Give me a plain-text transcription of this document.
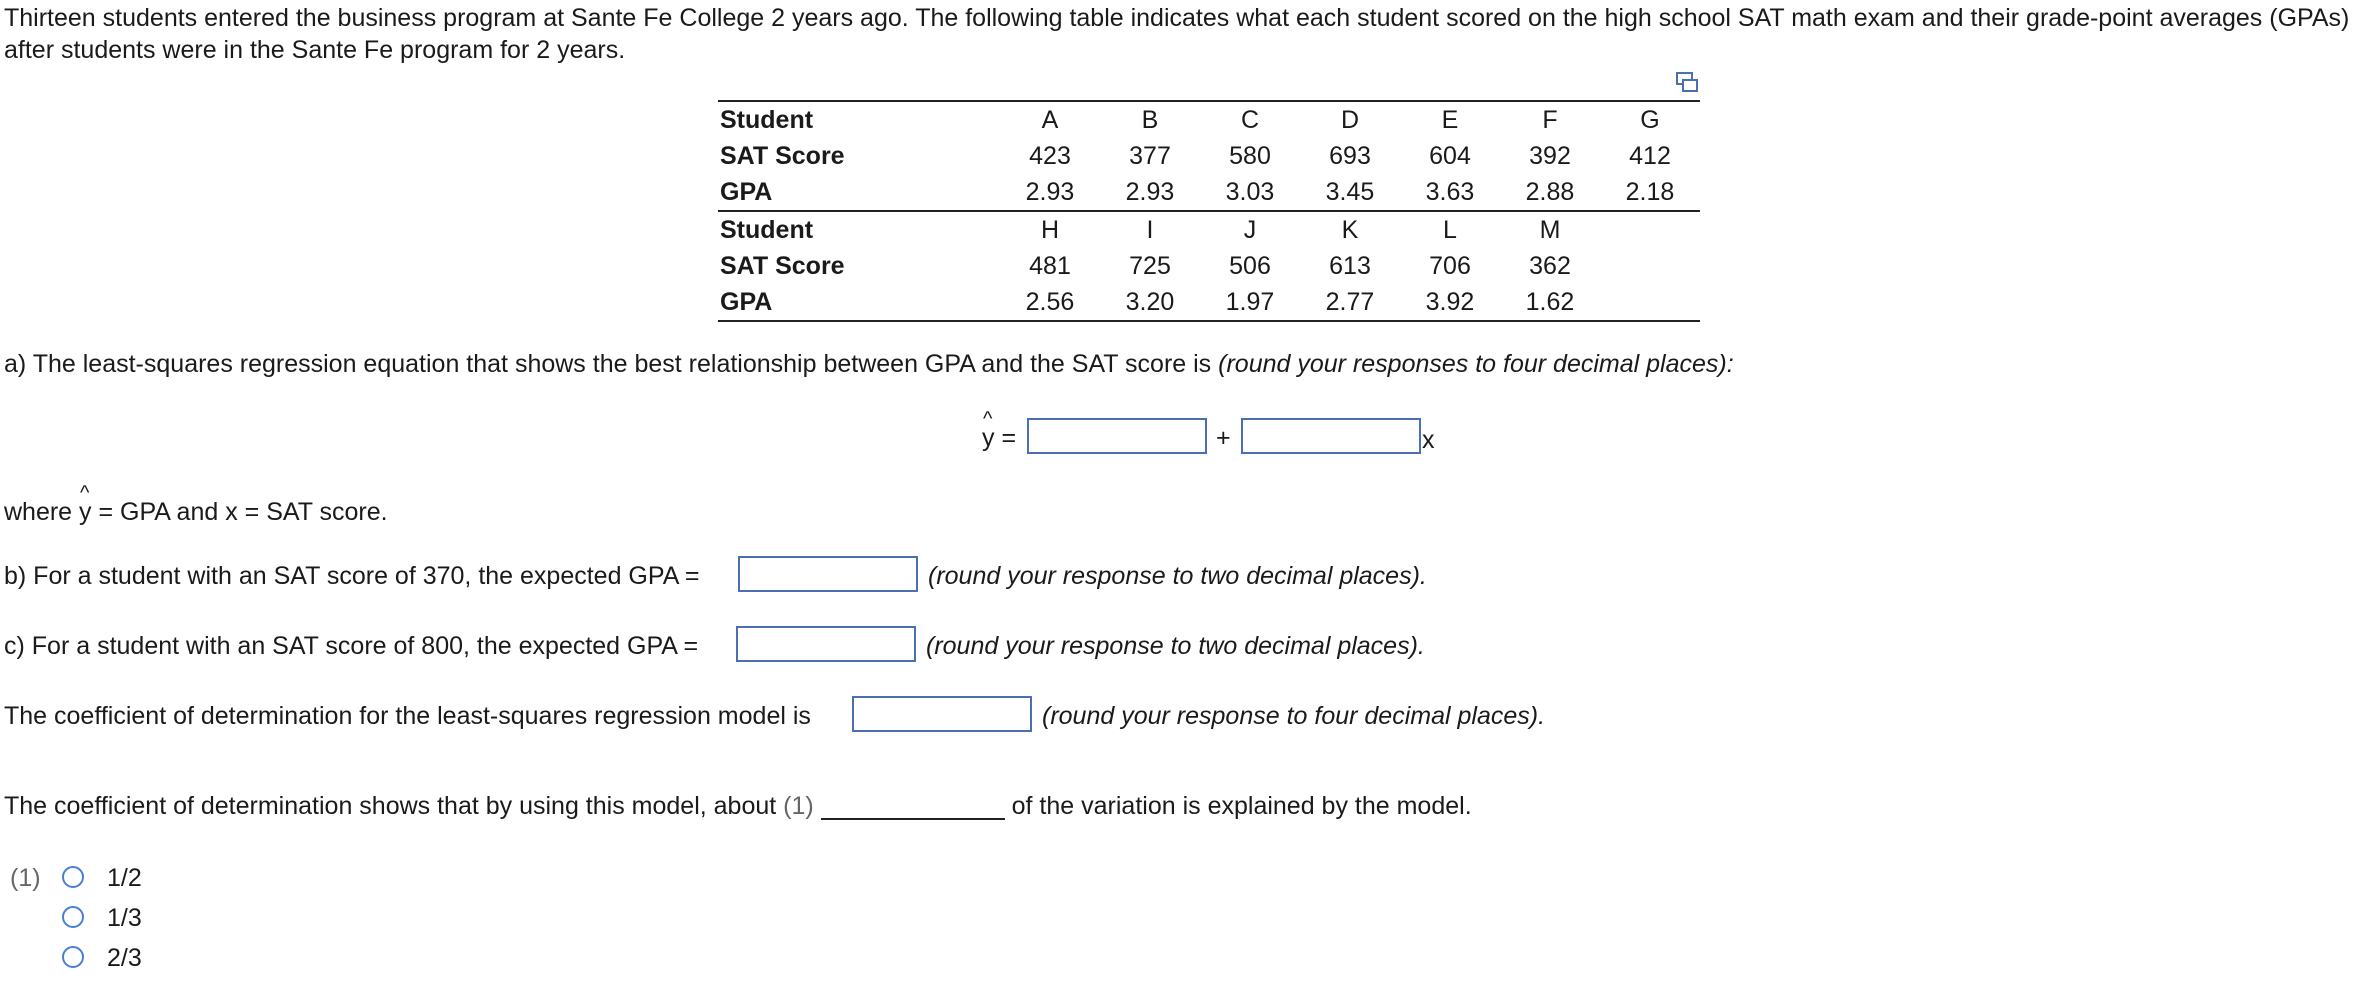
Thirteen students entered the business program at Sante Fe College 2 years ago. The following table indicates what each student scored on the high school SAT math exam and their grade-point averages (GPAs) after students were in the Sante Fe program for 2 years.

Student	A	B	C	D	E	F	G
SAT Score	423	377	580	693	604	392	412
GPA	2.93	2.93	3.03	3.45	3.63	2.88	2.18
Student	H	I	J	K	L	M	
SAT Score	481	725	506	613	706	362	
GPA	2.56	3.20	1.97	2.77	3.92	1.62	
a) The least-squares regression equation that shows the best relationship between GPA and the SAT score is (round your responses to four decimal places):
^
y =	+	x
where
^
y = GPA and x = SAT score.
b) For a student with an SAT score of 370, the expected GPA =	(round your response to two decimal places).
c) For a student with an SAT score of 800, the expected GPA =	(round your response to two decimal places).
The coefficient of determination for the least-squares regression model is	(round your response to four decimal places).
The coefficient of determination shows that by using this model, about (1)	of the variation is explained by the model.
(1)	1/2
1/3
2/3
